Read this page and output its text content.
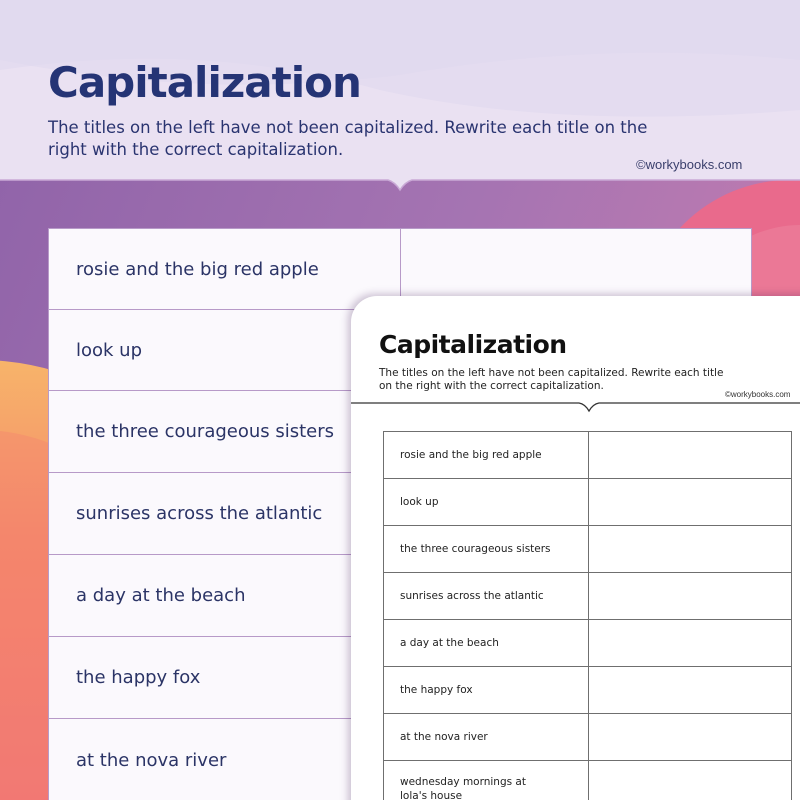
Capitalization
The titles on the left have not been capitalized. Rewrite each title on the right with the correct capitalization.
©workybooks.com
rosie and the big red apple
look up
the three courageous sisters
sunrises across the atlantic
a day at the beach
the happy fox
at the nova river
Capitalization
The titles on the left have not been capitalized. Rewrite each title on the right with the correct capitalization.
©workybooks.com
rosie and the big red apple
look up
the three courageous sisters
sunrises across the atlantic
a day at the beach
the happy fox
at the nova river
wednesday mornings at lola's house
